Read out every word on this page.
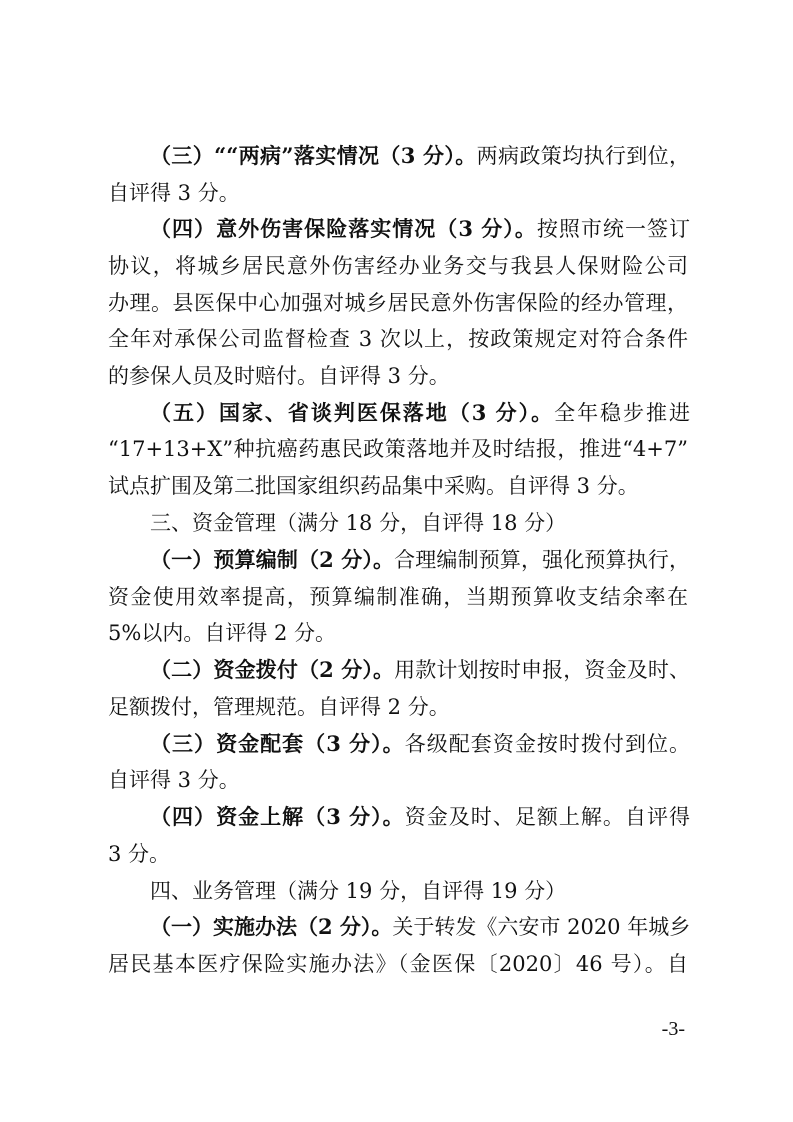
（三）““两病”落实情况（3 分）。两病政策均执行到位，
自评得 3 分。
（四）意外伤害保险落实情况（3 分）。按照市统一签订
协议，将城乡居民意外伤害经办业务交与我县人保财险公司
办理。县医保中心加强对城乡居民意外伤害保险的经办管理，
全年对承保公司监督检查 3 次以上，按政策规定对符合条件
的参保人员及时赔付。自评得 3 分。
（五）国家、省谈判医保落地（3 分）。全年稳步推进
“17+13+X”种抗癌药惠民政策落地并及时结报，推进“4+7”
试点扩围及第二批国家组织药品集中采购。自评得 3 分。
三、资金管理（满分 18 分，自评得 18 分）
（一）预算编制（2 分）。合理编制预算，强化预算执行，
资金使用效率提高，预算编制准确，当期预算收支结余率在
5%以内。自评得 2 分。
（二）资金拨付（2 分）。用款计划按时申报，资金及时、
足额拨付，管理规范。自评得 2 分。
（三）资金配套（3 分）。各级配套资金按时拨付到位。
自评得 3 分。
（四）资金上解（3 分）。资金及时、足额上解。自评得
3 分。
四、业务管理（满分 19 分，自评得 19 分）
（一）实施办法（2 分）。关于转发《六安市 2020 年城乡
居民基本医疗保险实施办法》（金医保〔2020〕46 号）。自
-3-
